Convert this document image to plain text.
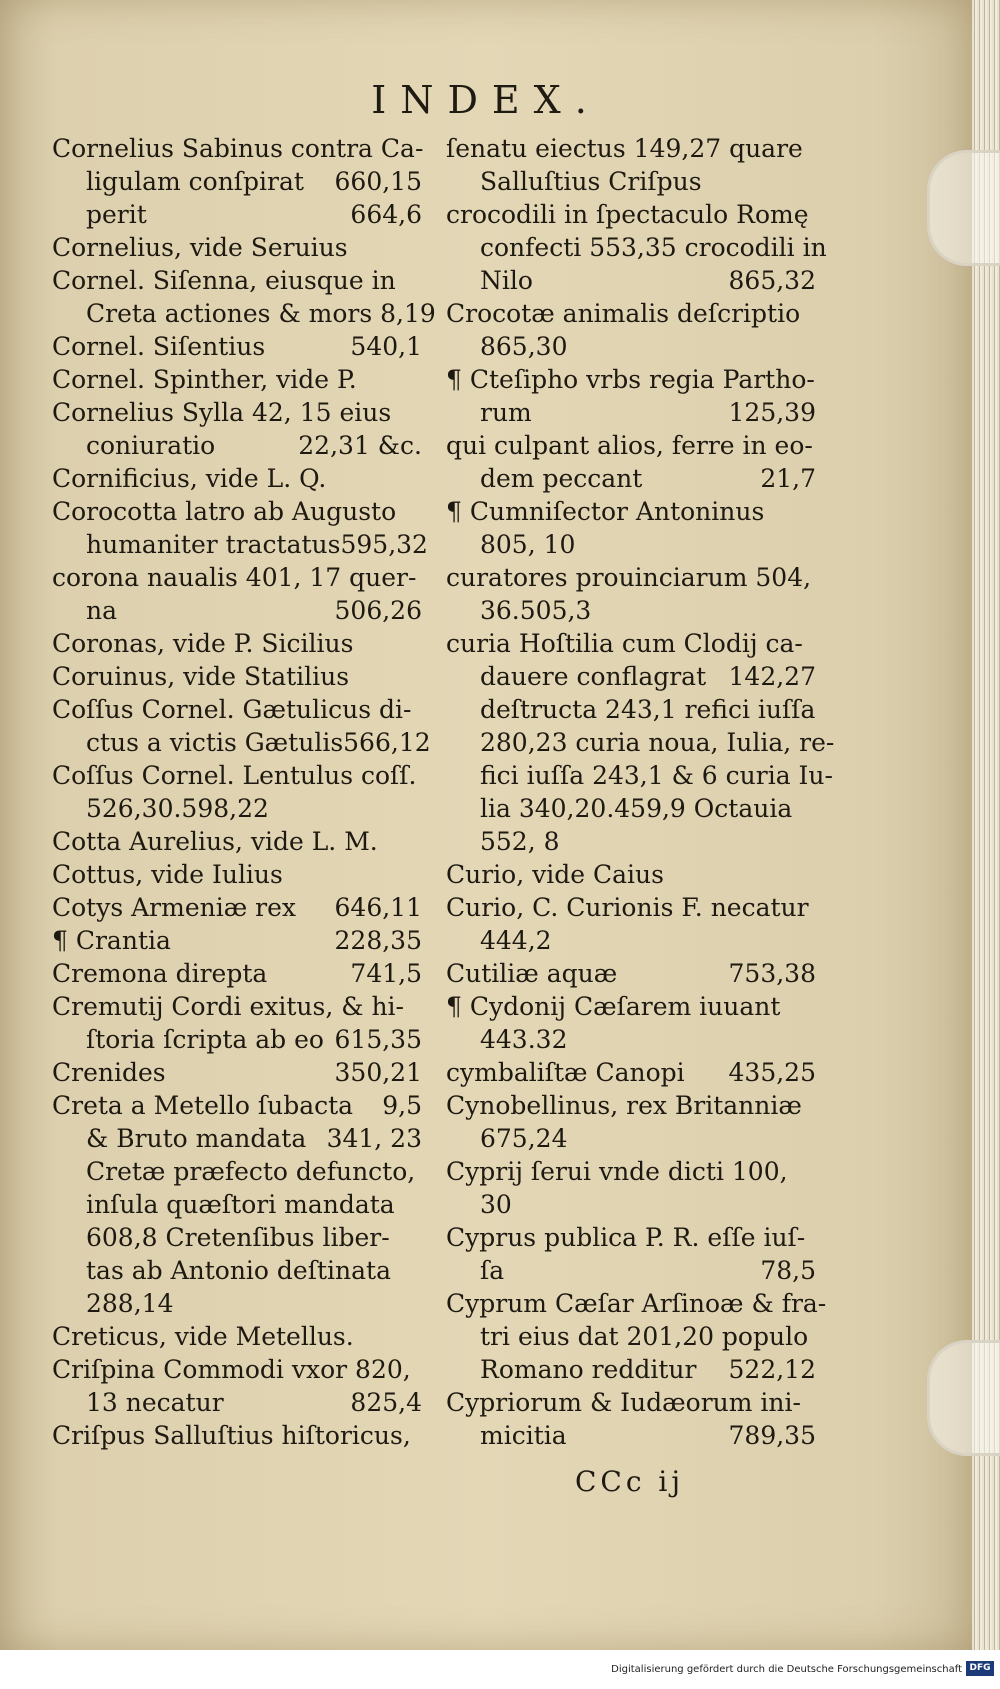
INDEX.
Cornelius Sabinus contra Ca-
ligulam conſpirat 660,15
perit	664,6
Cornelius, vide Seruius
Cornel. Siſenna, eiusque in
Creta actiones & mors 8,19
Cornel. Siſentius	540,1
Cornel. Spinther, vide P.
Cornelius Sylla 42, 15 eius
coniuratio	22,31 &c.
Cornificius, vide L. Q.
Corocotta latro ab Augusto
humaniter tractatus 595,32
corona naualis 401, 17 quer-
na	506,26
Coronas, vide P. Sicilius
Coruinus, vide Statilius
Coſſus Cornel. Gætulicus di-
ctus a victis Gætulis 566,12
Coſſus Cornel. Lentulus coſſ.
526,30.598,22
Cotta Aurelius, vide L. M.
Cottus, vide Iulius
Cotys Armeniæ rex 646,11
¶ Crantia	228,35
Cremona direpta	741,5
Cremutij Cordi exitus, & hi-
ſtoria ſcripta ab eo 615,35
Crenides	350,21
Creta a Metello ſubacta 9,5
& Bruto mandata 341, 23
Cretæ præfecto defuncto,
inſula quæſtori mandata
608,8 Cretenſibus liber-
tas ab Antonio deſtinata
288,14
Creticus, vide Metellus.
Criſpina Commodi vxor 820,
13 necatur	825,4
Criſpus Salluſtius hiſtoricus,
ſenatu eiectus 149,27 quare
Salluſtius Criſpus
crocodili in ſpectaculo Romę
confecti 553,35 crocodili in
Nilo	865,32
Crocotæ animalis deſcriptio
865,30
¶ Cteſipho vrbs regia Partho-
rum	125,39
qui culpant alios, ferre in eo-
dem peccant	21,7
¶ Cumniſector Antoninus
805, 10
curatores prouinciarum 504,
36.505,3
curia Hoſtilia cum Clodij ca-
dauere conflagrat 142,27
deſtructa 243,1 refici iuſſa
280,23 curia noua, Iulia, re-
fici iuſſa 243,1 & 6 curia Iu-
lia 340,20.459,9 Octauia
552, 8
Curio, vide Caius
Curio, C. Curionis F. necatur
444,2
Cutiliæ aquæ	753,38
¶ Cydonij Cæſarem iuuant
443.32
cymbaliſtæ Canopi 435,25
Cynobellinus, rex Britanniæ
675,24
Cyprij ſerui vnde dicti 100,
30
Cyprus publica P. R. eſſe iuſ-
ſa	78,5
Cyprum Cæſar Arſinoæ & fra-
tri eius dat 201,20 populo
Romano redditur 522,12
Cypriorum & Iudæorum ini-
micitia	789,35
CCc ij
Digitalisierung gefördert durch die Deutsche Forschungsgemeinschaft DFG
